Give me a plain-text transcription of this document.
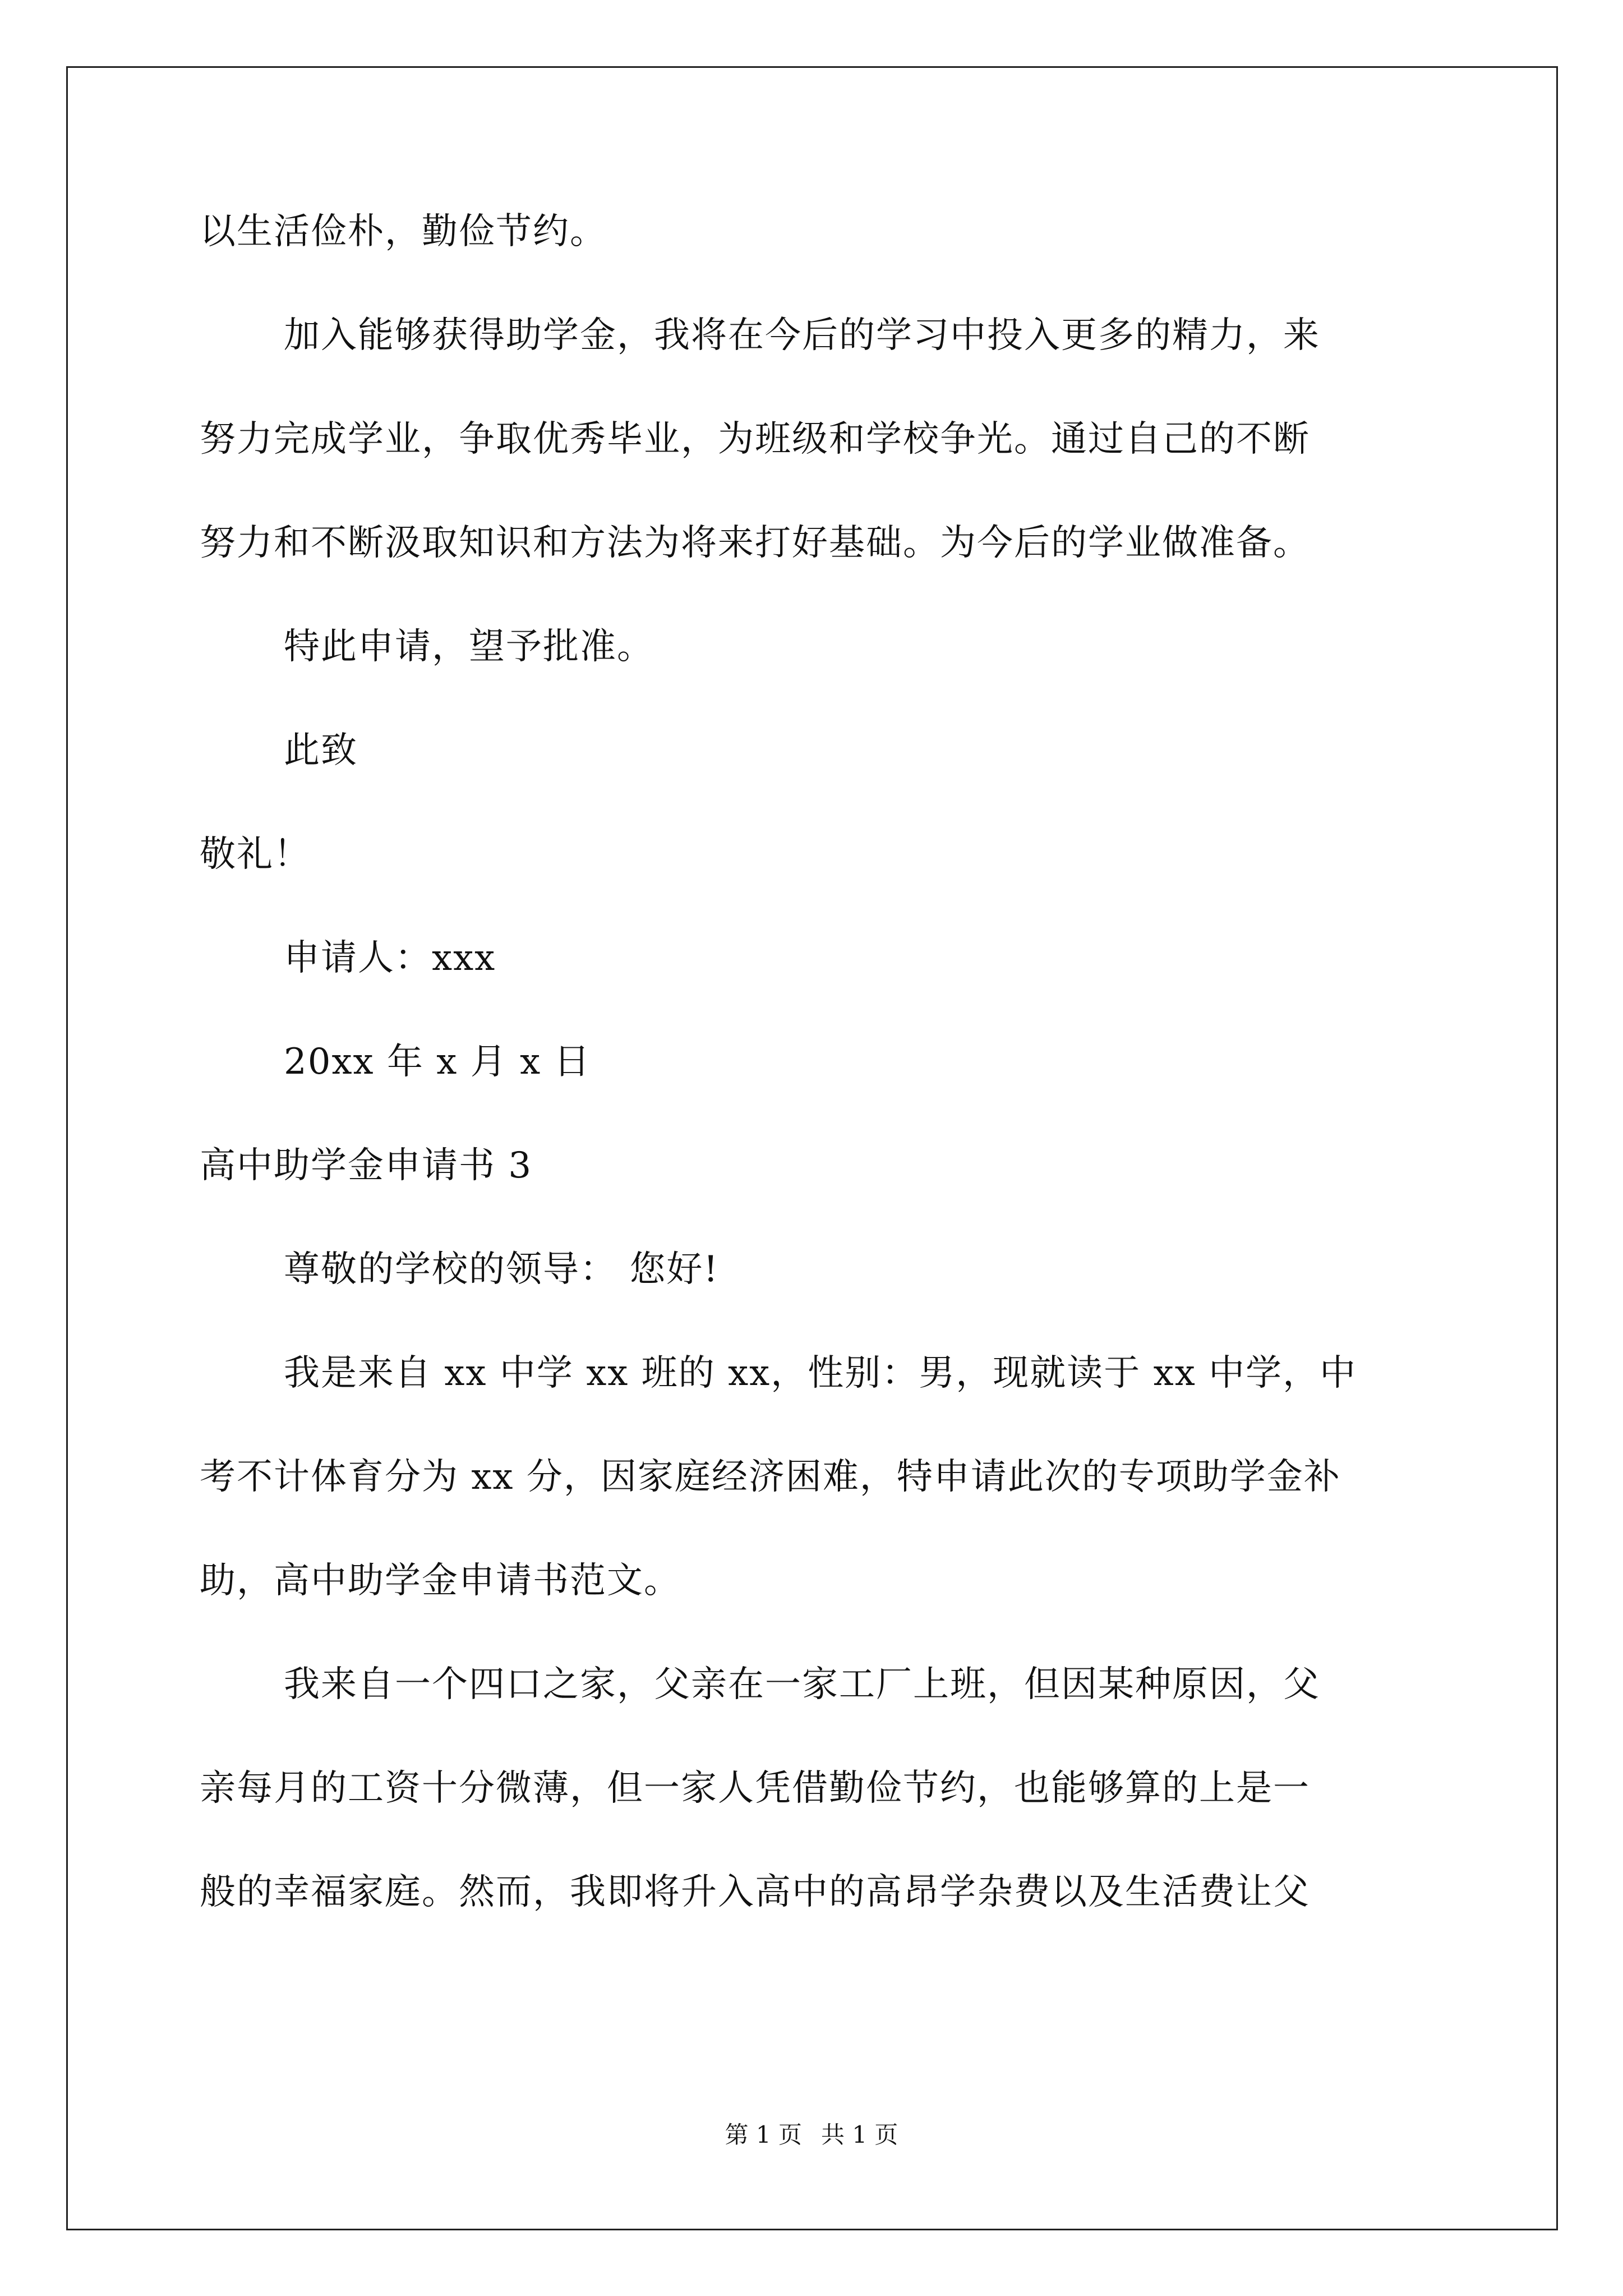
以生活俭朴，勤俭节约。

加入能够获得助学金，我将在今后的学习中投入更多的精力，来

努力完成学业，争取优秀毕业，为班级和学校争光。通过自己的不断

努力和不断汲取知识和方法为将来打好基础。为今后的学业做准备。

特此申请，望予批准。

此致

敬礼！

申请人：xxx

20xx 年 x 月 x 日

高中助学金申请书 3

尊敬的学校的领导： 您好!

我是来自 xx 中学 xx 班的 xx，性别：男，现就读于 xx 中学，中

考不计体育分为 xx 分，因家庭经济困难，特申请此次的专项助学金补

助，高中助学金申请书范文。

我来自一个四口之家，父亲在一家工厂上班，但因某种原因，父

亲每月的工资十分微薄，但一家人凭借勤俭节约，也能够算的上是一

般的幸福家庭。然而，我即将升入高中的高昂学杂费以及生活费让父

第 1 页 共 1 页
